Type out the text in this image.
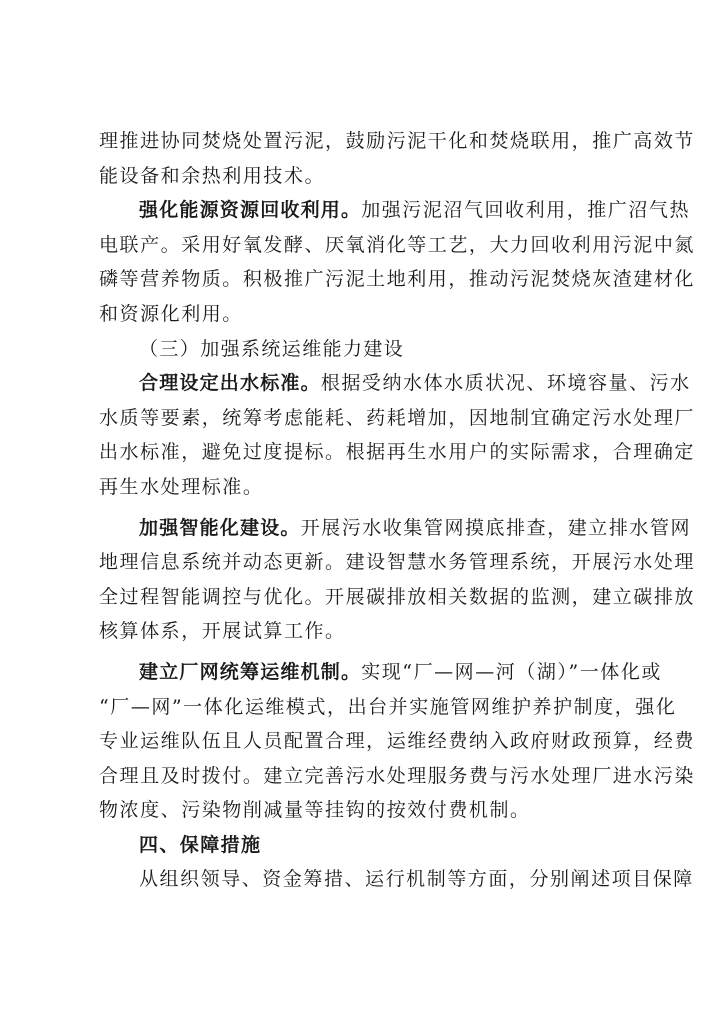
理推进协同焚烧处置污泥，鼓励污泥干化和焚烧联用，推广高效节
能设备和余热利用技术。
强化能源资源回收利用。加强污泥沼气回收利用，推广沼气热
电联产。采用好氧发酵、厌氧消化等工艺，大力回收利用污泥中氮
磷等营养物质。积极推广污泥土地利用，推动污泥焚烧灰渣建材化
和资源化利用。
（三）加强系统运维能力建设
合理设定出水标准。根据受纳水体水质状况、环境容量、污水
水质等要素，统筹考虑能耗、药耗增加，因地制宜确定污水处理厂
出水标准，避免过度提标。根据再生水用户的实际需求，合理确定
再生水处理标准。
加强智能化建设。开展污水收集管网摸底排查，建立排水管网
地理信息系统并动态更新。建设智慧水务管理系统，开展污水处理
全过程智能调控与优化。开展碳排放相关数据的监测，建立碳排放
核算体系，开展试算工作。
建立厂网统筹运维机制。实现“厂—网—河（湖）”一体化或
“厂—网”一体化运维模式，出台并实施管网维护养护制度，强化
专业运维队伍且人员配置合理，运维经费纳入政府财政预算，经费
合理且及时拨付。建立完善污水处理服务费与污水处理厂进水污染
物浓度、污染物削减量等挂钩的按效付费机制。
四、保障措施
从组织领导、资金筹措、运行机制等方面，分别阐述项目保障
